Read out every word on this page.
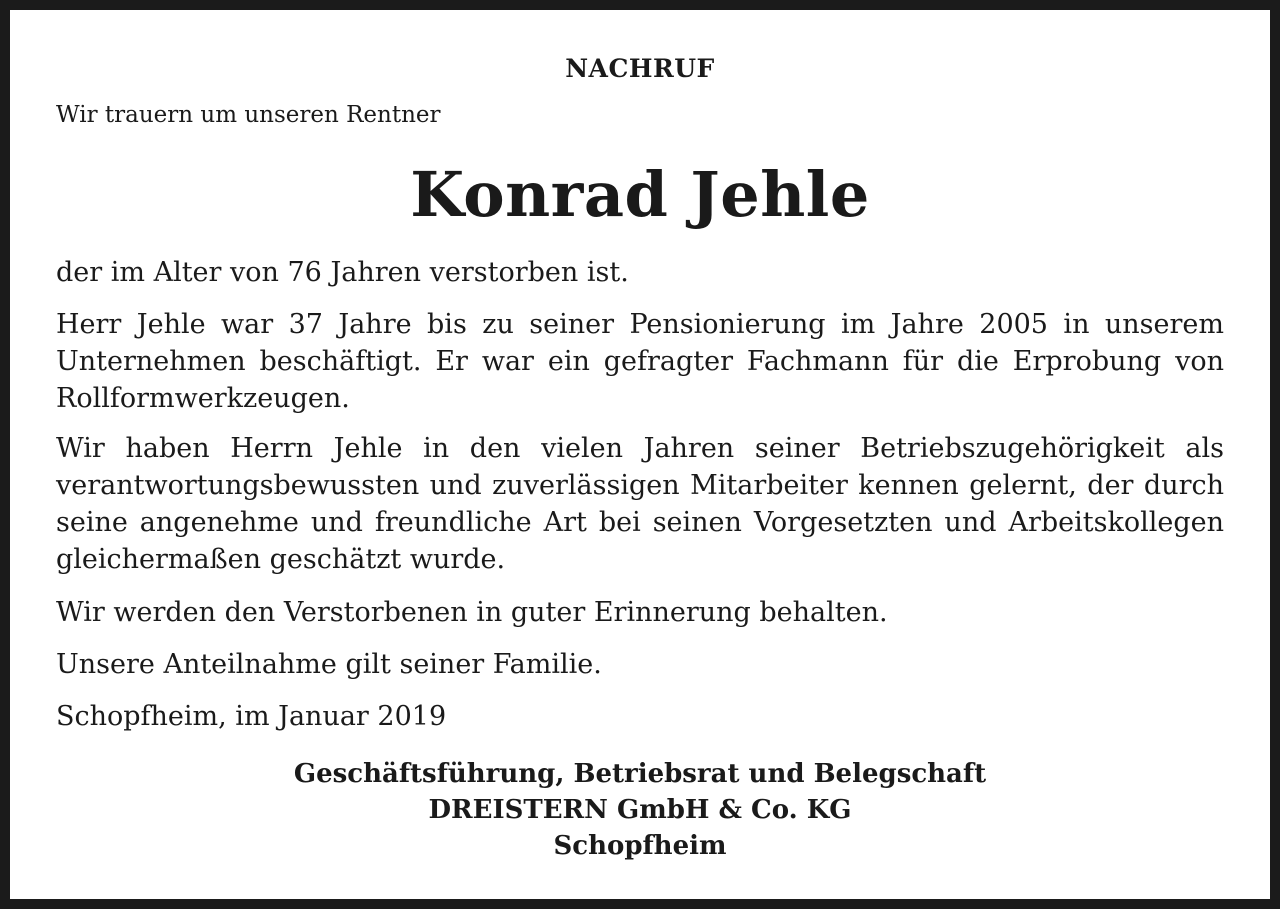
NACHRUF
Wir trauern um unseren Rentner
Konrad Jehle

der im Alter von 76 Jahren verstorben ist.

Herr Jehle war 37 Jahre bis zu seiner Pensionierung im Jahre 2005 in unserem Unternehmen beschäftigt. Er war ein gefragter Fachmann für die Erprobung von Rollformwerkzeugen.

Wir haben Herrn Jehle in den vielen Jahren seiner Betriebszugehörigkeit als verantwortungsbewussten und zuverlässigen Mitarbeiter kennen gelernt, der durch seine angenehme und freundliche Art bei seinen Vorgesetzten und Arbeitskollegen gleichermaßen geschätzt wurde.

Wir werden den Verstorbenen in guter Erinnerung behalten.

Unsere Anteilnahme gilt seiner Familie.

Schopfheim, im Januar 2019

Geschäftsführung, Betriebsrat und Belegschaft
DREISTERN GmbH & Co. KG
Schopfheim
